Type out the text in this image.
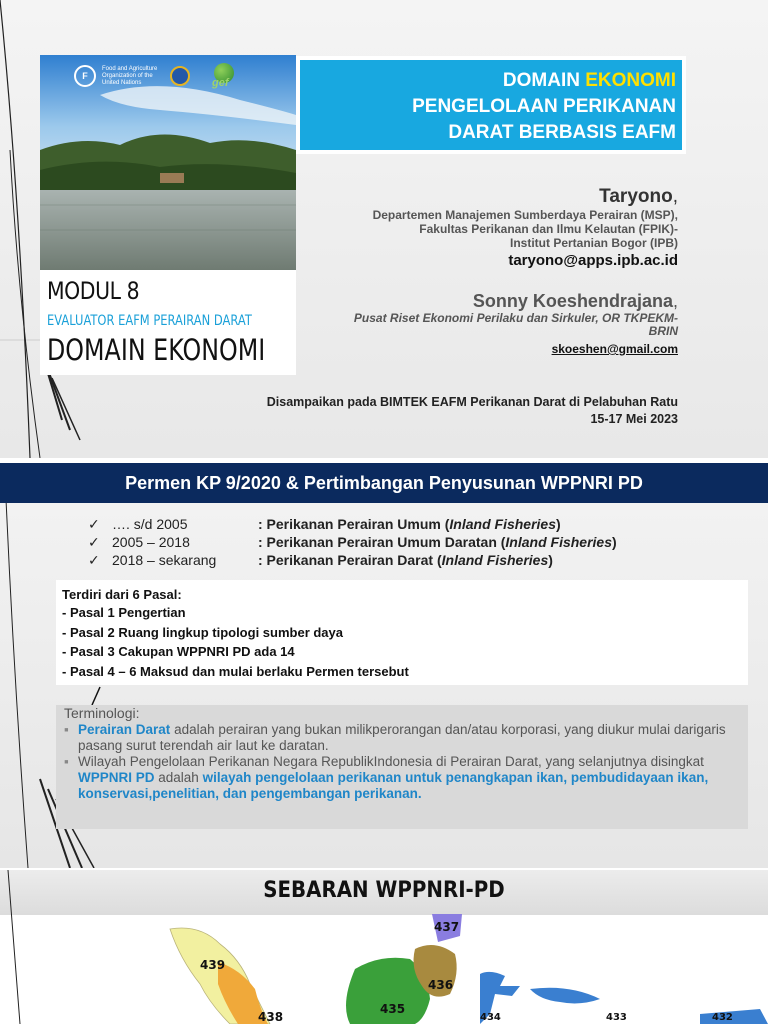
F
Food and Agriculture Organization of the United Nations	gef
MODUL 8
EVALUATOR EAFM PERAIRAN DARAT
DOMAIN EKONOMI
DOMAIN EKONOMI
PENGELOLAAN PERIKANAN
DARAT BERBASIS EAFM
Taryono,
Departemen Manajemen Sumberdaya Perairan (MSP),
Fakultas Perikanan dan Ilmu Kelautan (FPIK)-
Institut Pertanian Bogor (IPB)
taryono@apps.ipb.ac.id
Sonny Koeshendrajana,
Pusat Riset Ekonomi Perilaku dan Sirkuler, OR TKPEKM-
BRIN
skoeshen@gmail.com
Disampaikan pada BIMTEK EAFM Perikanan Darat di Pelabuhan Ratu
15-17 Mei 2023
Permen KP 9/2020 & Pertimbangan Penyusunan WPPNRI PD
✓ …. s/d 2005	: Perikanan Perairan Umum (Inland Fisheries)
✓ 2005 – 2018	: Perikanan Perairan Umum Daratan (Inland Fisheries)
✓ 2018 – sekarang	: Perikanan Perairan Darat (Inland Fisheries)
Terdiri dari 6 Pasal:
- Pasal 1 Pengertian
- Pasal 2 Ruang lingkup tipologi sumber daya
- Pasal 3 Cakupan WPPNRI PD ada 14
- Pasal 4 – 6 Maksud dan mulai berlaku Permen tersebut
Terminologi:
▪ Perairan Darat adalah perairan yang bukan milikperorangan dan/atau korporasi, yang diukur mulai darigaris pasang surut terendah air laut ke daratan.
▪ Wilayah Pengelolaan Perikanan Negara RepublikIndonesia di Perairan Darat, yang selanjutnya disingkat WPPNRI PD adalah wilayah pengelolaan perikanan untuk penangkapan ikan, pembudidayaan ikan, konservasi,penelitian, dan pengembangan perikanan.
SEBARAN WPPNRI-PD
439
438
437
436
435
434	433	432
